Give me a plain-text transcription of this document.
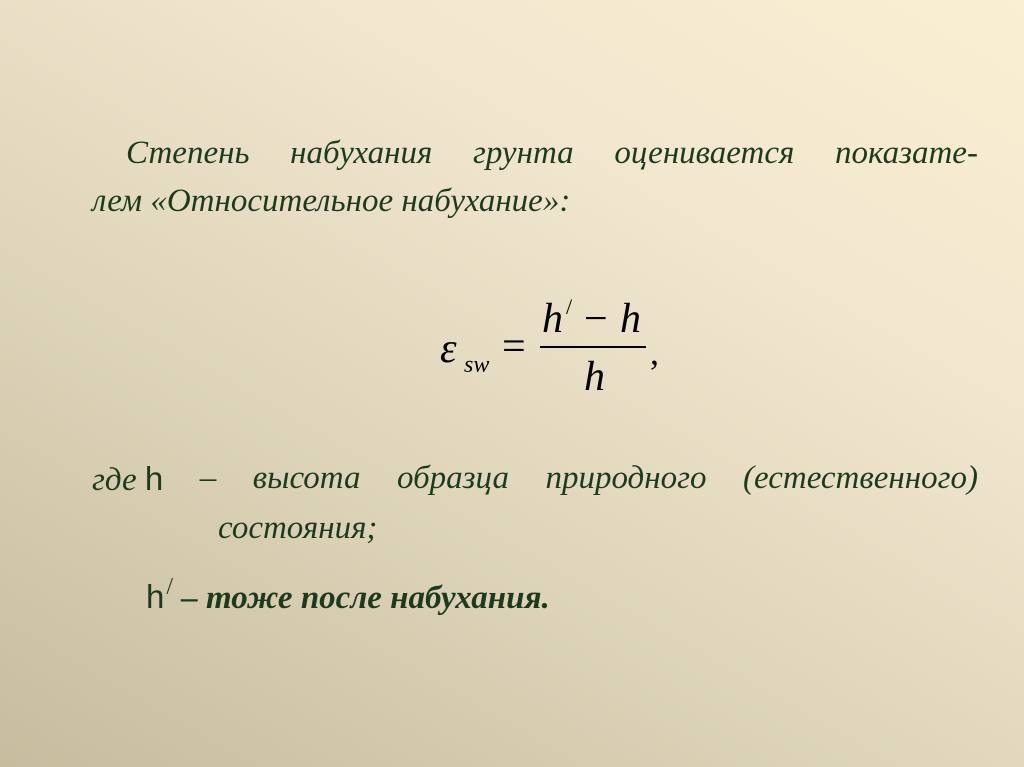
Степень набухания грунта оценивается показате-
лем «Относительное набухание»:
ε sw =
h / − h
h
,
где h – высота образца природного (естественного)
состояния;
h/ – тоже после набухания.
